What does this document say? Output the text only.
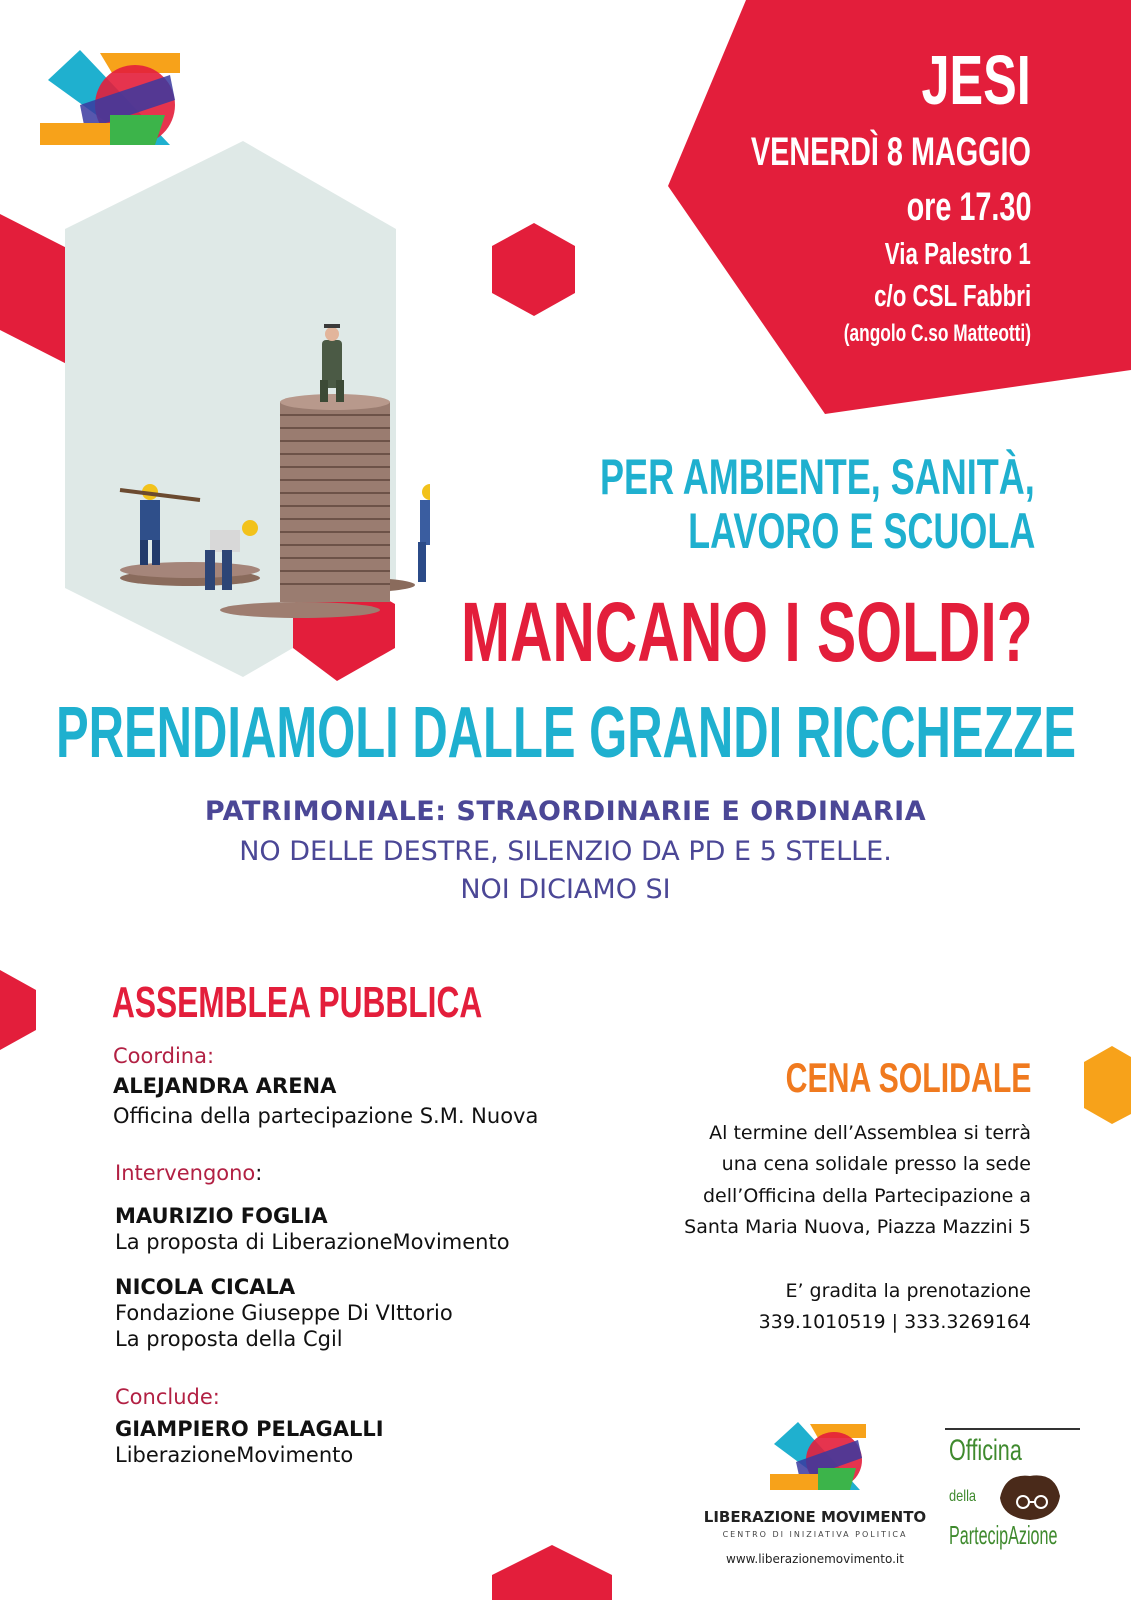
JESI
VENERDÌ 8 MAGGIO
ore 17.30
Via Palestro 1
c/o CSL Fabbri
(angolo C.so Matteotti)
PER AMBIENTE, SANITÀ,
LAVORO E SCUOLA
MANCANO I SOLDI?
PRENDIAMOLI DALLE GRANDI RICCHEZZE
PATRIMONIALE: STRAORDINARIE E ORDINARIA
NO DELLE DESTRE, SILENZIO DA PD E 5 STELLE.
NOI DICIAMO SI
ASSEMBLEA PUBBLICA
Coordina:
ALEJANDRA ARENA
Officina della partecipazione S.M. Nuova
Intervengono:
MAURIZIO FOGLIA
La proposta di LiberazioneMovimento
NICOLA CICALA
Fondazione Giuseppe Di VIttorio
La proposta della Cgil
Conclude:
GIAMPIERO PELAGALLI
LiberazioneMovimento
CENA SOLIDALE
Al termine dell’Assemblea si terrà
una cena solidale presso la sede
dell’Officina della Partecipazione a
Santa Maria Nuova, Piazza Mazzini 5
E’ gradita la prenotazione
339.1010519 | 333.3269164
LIBERAZIONE MOVIMENTO
CENTRO DI INIZIATIVA POLITICA
www.liberazionemovimento.it
Officina
della
PartecipAzione
